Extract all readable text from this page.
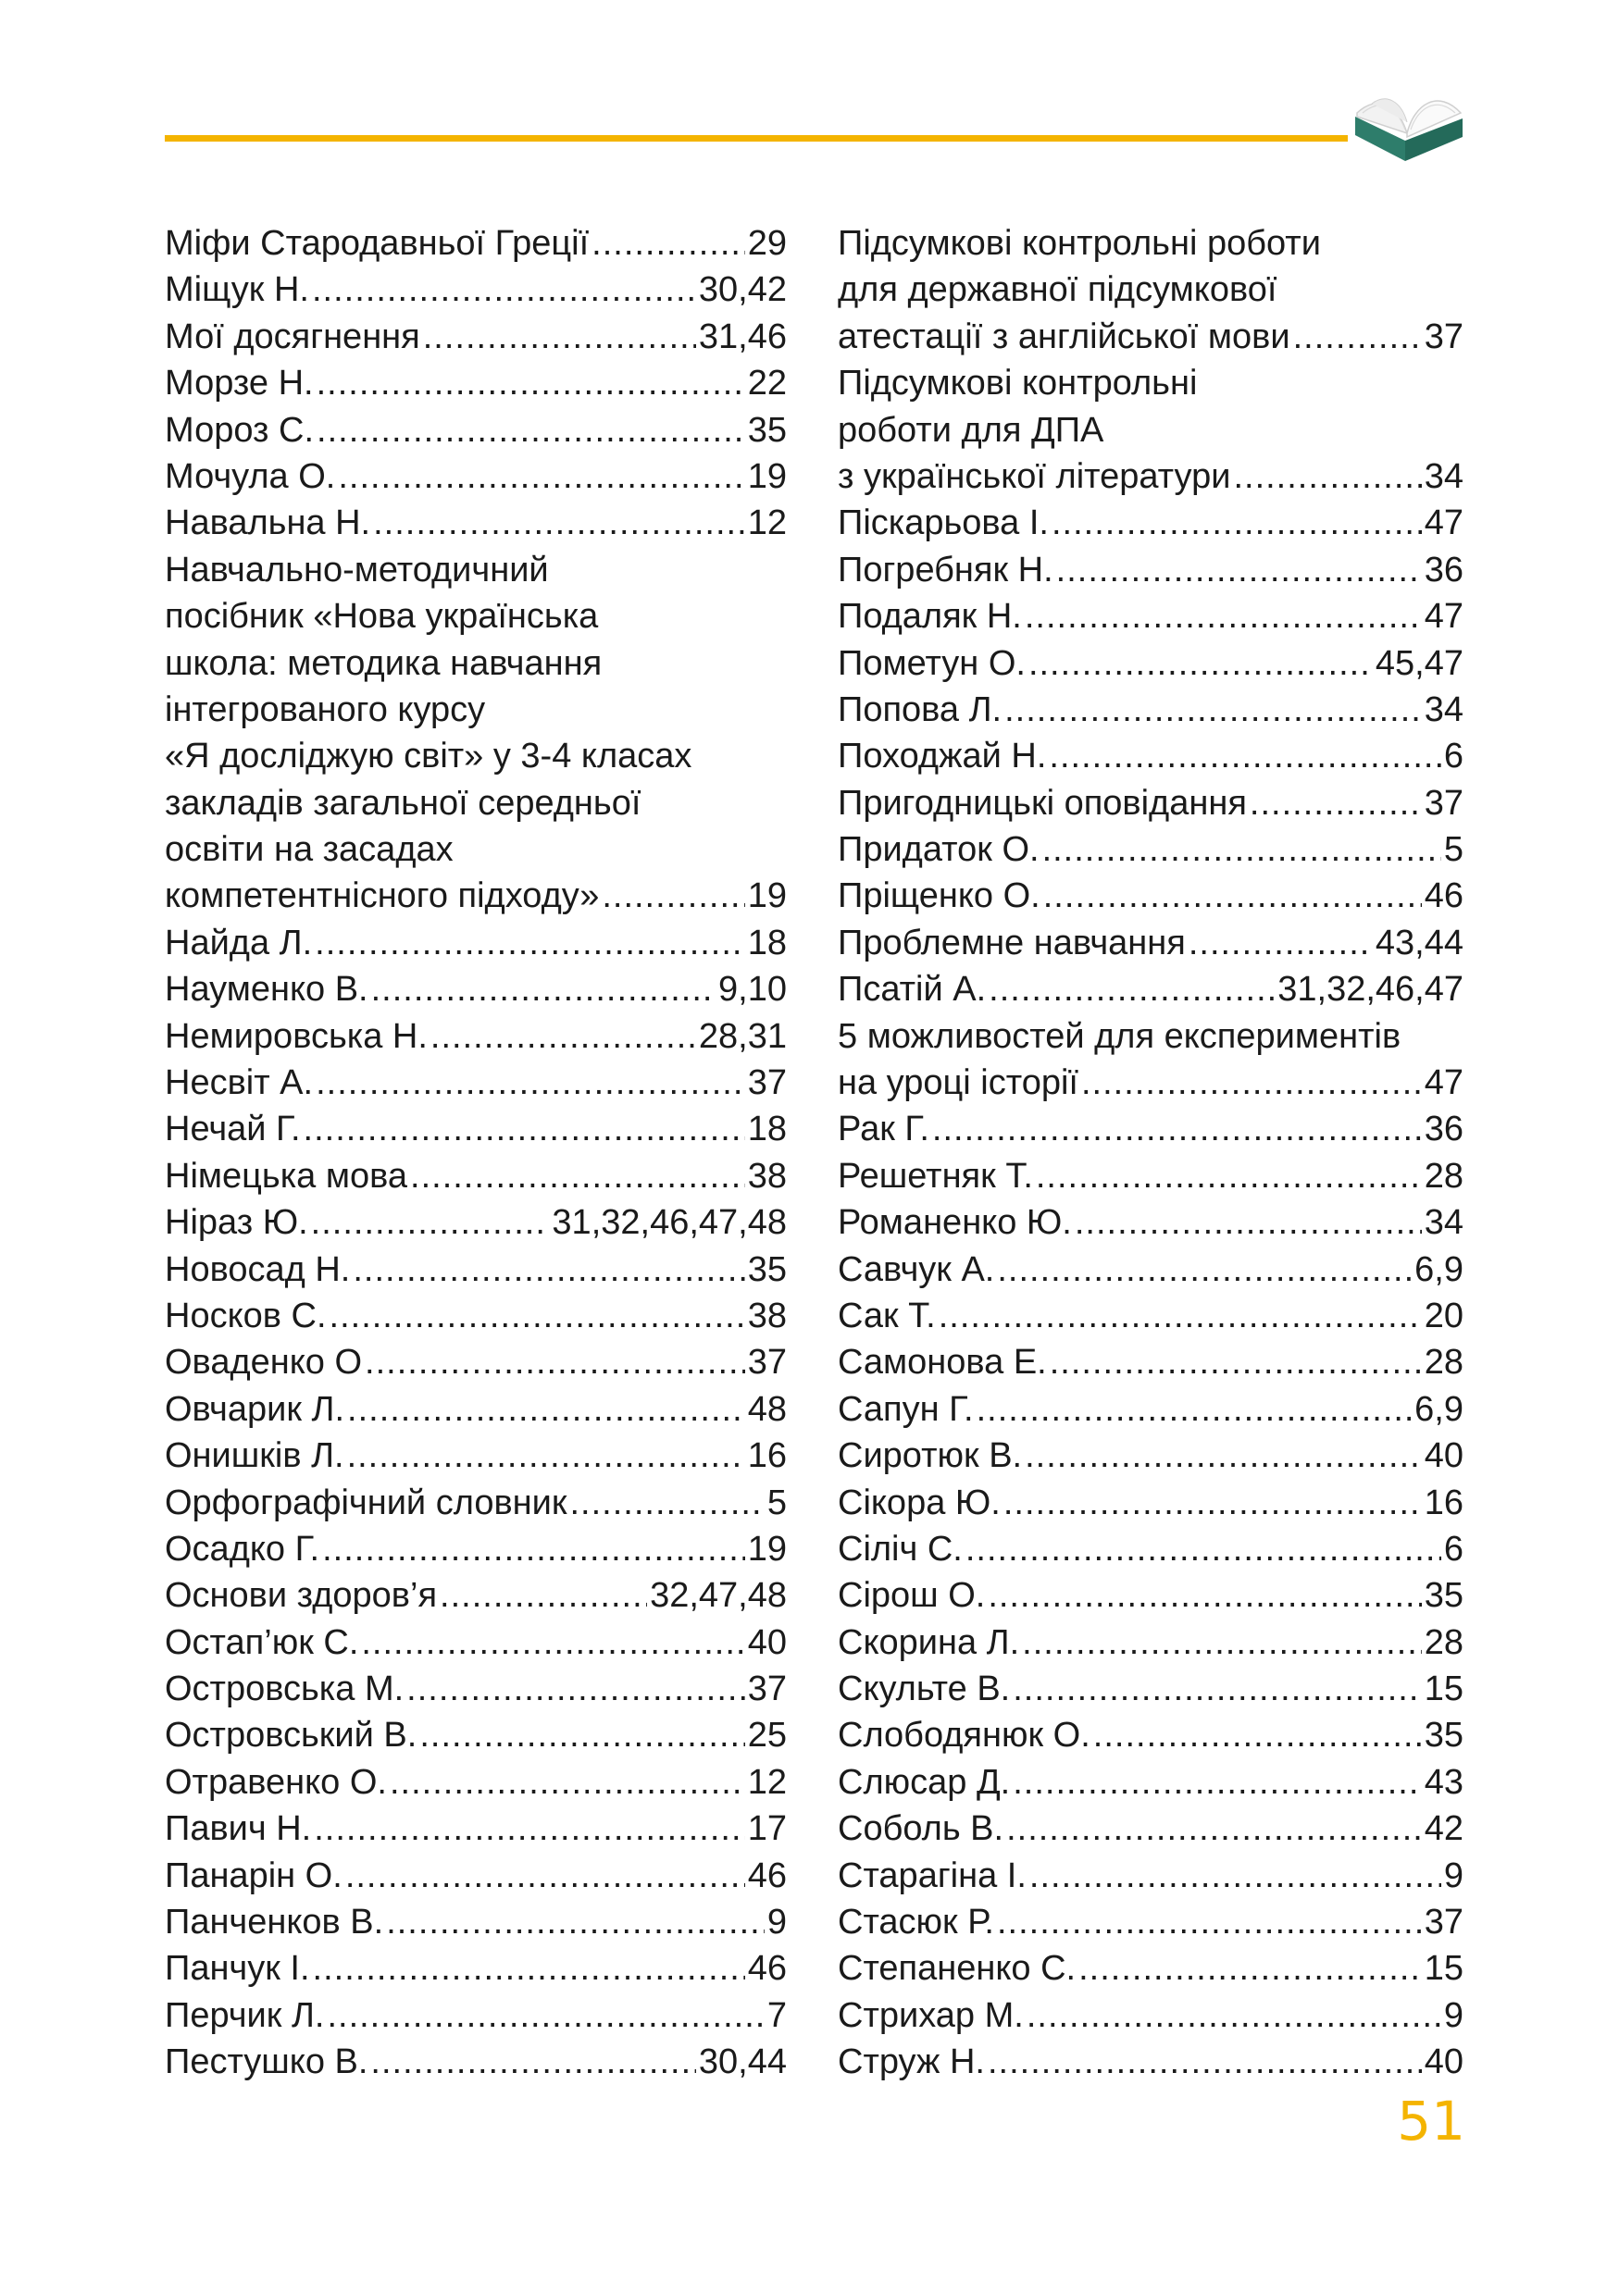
Міфи Стародавньої Греції .....	29
Міщук Н. .....	30,42
Мої досягнення .....	31,46
Морзе Н. .....	22
Мороз С. .....	35
Мочула О. .....	19
Навальна Н. .....	12
Навчально-методичний
посібник «Нова українська
школа: методика навчання
інтегрованого курсу
«Я досліджую світ» у 3-4 класах
закладів загальної середньої
освіти на засадах
компетентнісного підходу» .....	19
Найда Л. .....	18
Науменко В. .....	9,10
Немировська Н. .....	28,31
Несвіт А. .....	37
Нечай Г. .....	18
Німецька мова .....	38
Ніраз Ю. .....	31,32,46,47,48
Новосад Н. .....	35
Носков С. .....	38
Оваденко О .....	37
Овчарик Л. .....	48
Онишків Л. .....	16
Орфографічний словник .....	5
Осадко Г. .....	19
Основи здоров’я .....	32,47,48
Остап’юк С. .....	40
Островська М. .....	37
Островський В. .....	25
Отравенко О. .....	12
Павич Н. .....	17
Панарін О. .....	46
Панченков В. .....	9
Панчук І. .....	46
Перчик Л. .....	7
Пестушко В. .....	30,44
Підсумкові контрольні роботи
для державної підсумкової
атестації з англійської мови .....	37
Підсумкові контрольні
роботи для ДПА
з української літератури .....	34
Піскарьова І. .....	47
Погребняк Н. .....	36
Подаляк Н. .....	47
Пометун О. .....	45,47
Попова Л. .....	34
Походжай Н. .....	6
Пригодницькі оповідання .....	37
Придаток О. .....	5
Пріщенко О. .....	46
Проблемне навчання .....	43,44
Псатій А. .....	31,32,46,47
5 можливостей для експериментів
на уроці історії .....	47
Рак Г. .....	36
Решетняк Т. .....	28
Романенко Ю. .....	34
Савчук А. .....	6,9
Сак Т. .....	20
Самонова Е. .....	28
Сапун Г. .....	6,9
Сиротюк В. .....	40
Сікора Ю. .....	16
Сіліч С. .....	6
Сірош О. .....	35
Скорина Л. .....	28
Скульте В. .....	15
Слободянюк О. .....	35
Слюсар Д. .....	43
Соболь В. .....	42
Старагіна І. .....	9
Стасюк Р. .....	37
Степаненко С. .....	15
Стрихар М. .....	9
Струж Н. .....	40
51
